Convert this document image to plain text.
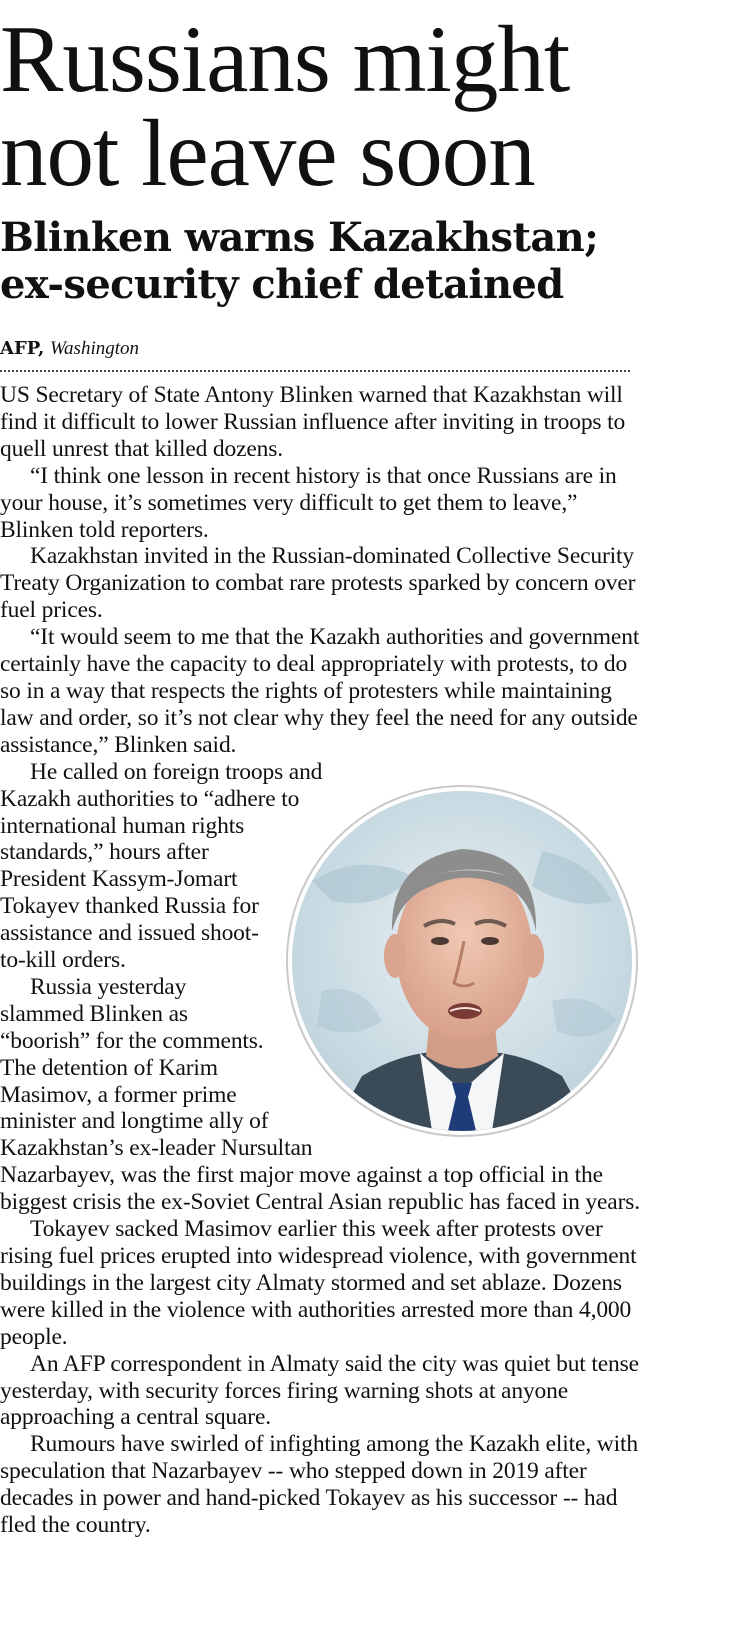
Russians might not leave soon
Blinken warns Kazakhstan; ex-security chief detained
AFP, Washington

US Secretary of State Antony Blinken warned that Kazakhstan will find it difficult to lower Russian influence after inviting in troops to quell unrest that killed dozens.

“I think one lesson in recent history is that once Russians are in your house, it’s sometimes very difficult to get them to leave,” Blinken told reporters.

Kazakhstan invited in the Russian-dominated Collective Security Treaty Organization to combat rare protests sparked by concern over fuel prices.

“It would seem to me that the Kazakh authorities and government certainly have the capacity to deal appropriately with protests, to do so in a way that respects the rights of protesters while maintaining law and order, so it’s not clear why they feel the need for any outside assistance,” Blinken said.

He called on foreign troops and Kazakh authorities to “adhere to international human rights standards,” hours after President Kassym-Jomart Tokayev thanked Russia for assistance and issued shoot-to-kill orders.

Russia yesterday slammed Blinken as “boorish” for the comments. The detention of Karim Masimov, a former prime minister and longtime ally of Kazakhstan’s ex-leader Nursultan Nazarbayev, was the first major move against a top official in the biggest crisis the ex-Soviet Central Asian republic has faced in years.

Tokayev sacked Masimov earlier this week after protests over rising fuel prices erupted into widespread violence, with government buildings in the largest city Almaty stormed and set ablaze. Dozens were killed in the violence with authorities arrested more than 4,000 people.

An AFP correspondent in Almaty said the city was quiet but tense yesterday, with security forces firing warning shots at anyone approaching a central square.

Rumours have swirled of infighting among the Kazakh elite, with speculation that Nazarbayev -- who stepped down in 2019 after decades in power and hand-picked Tokayev as his successor -- had fled the country.
